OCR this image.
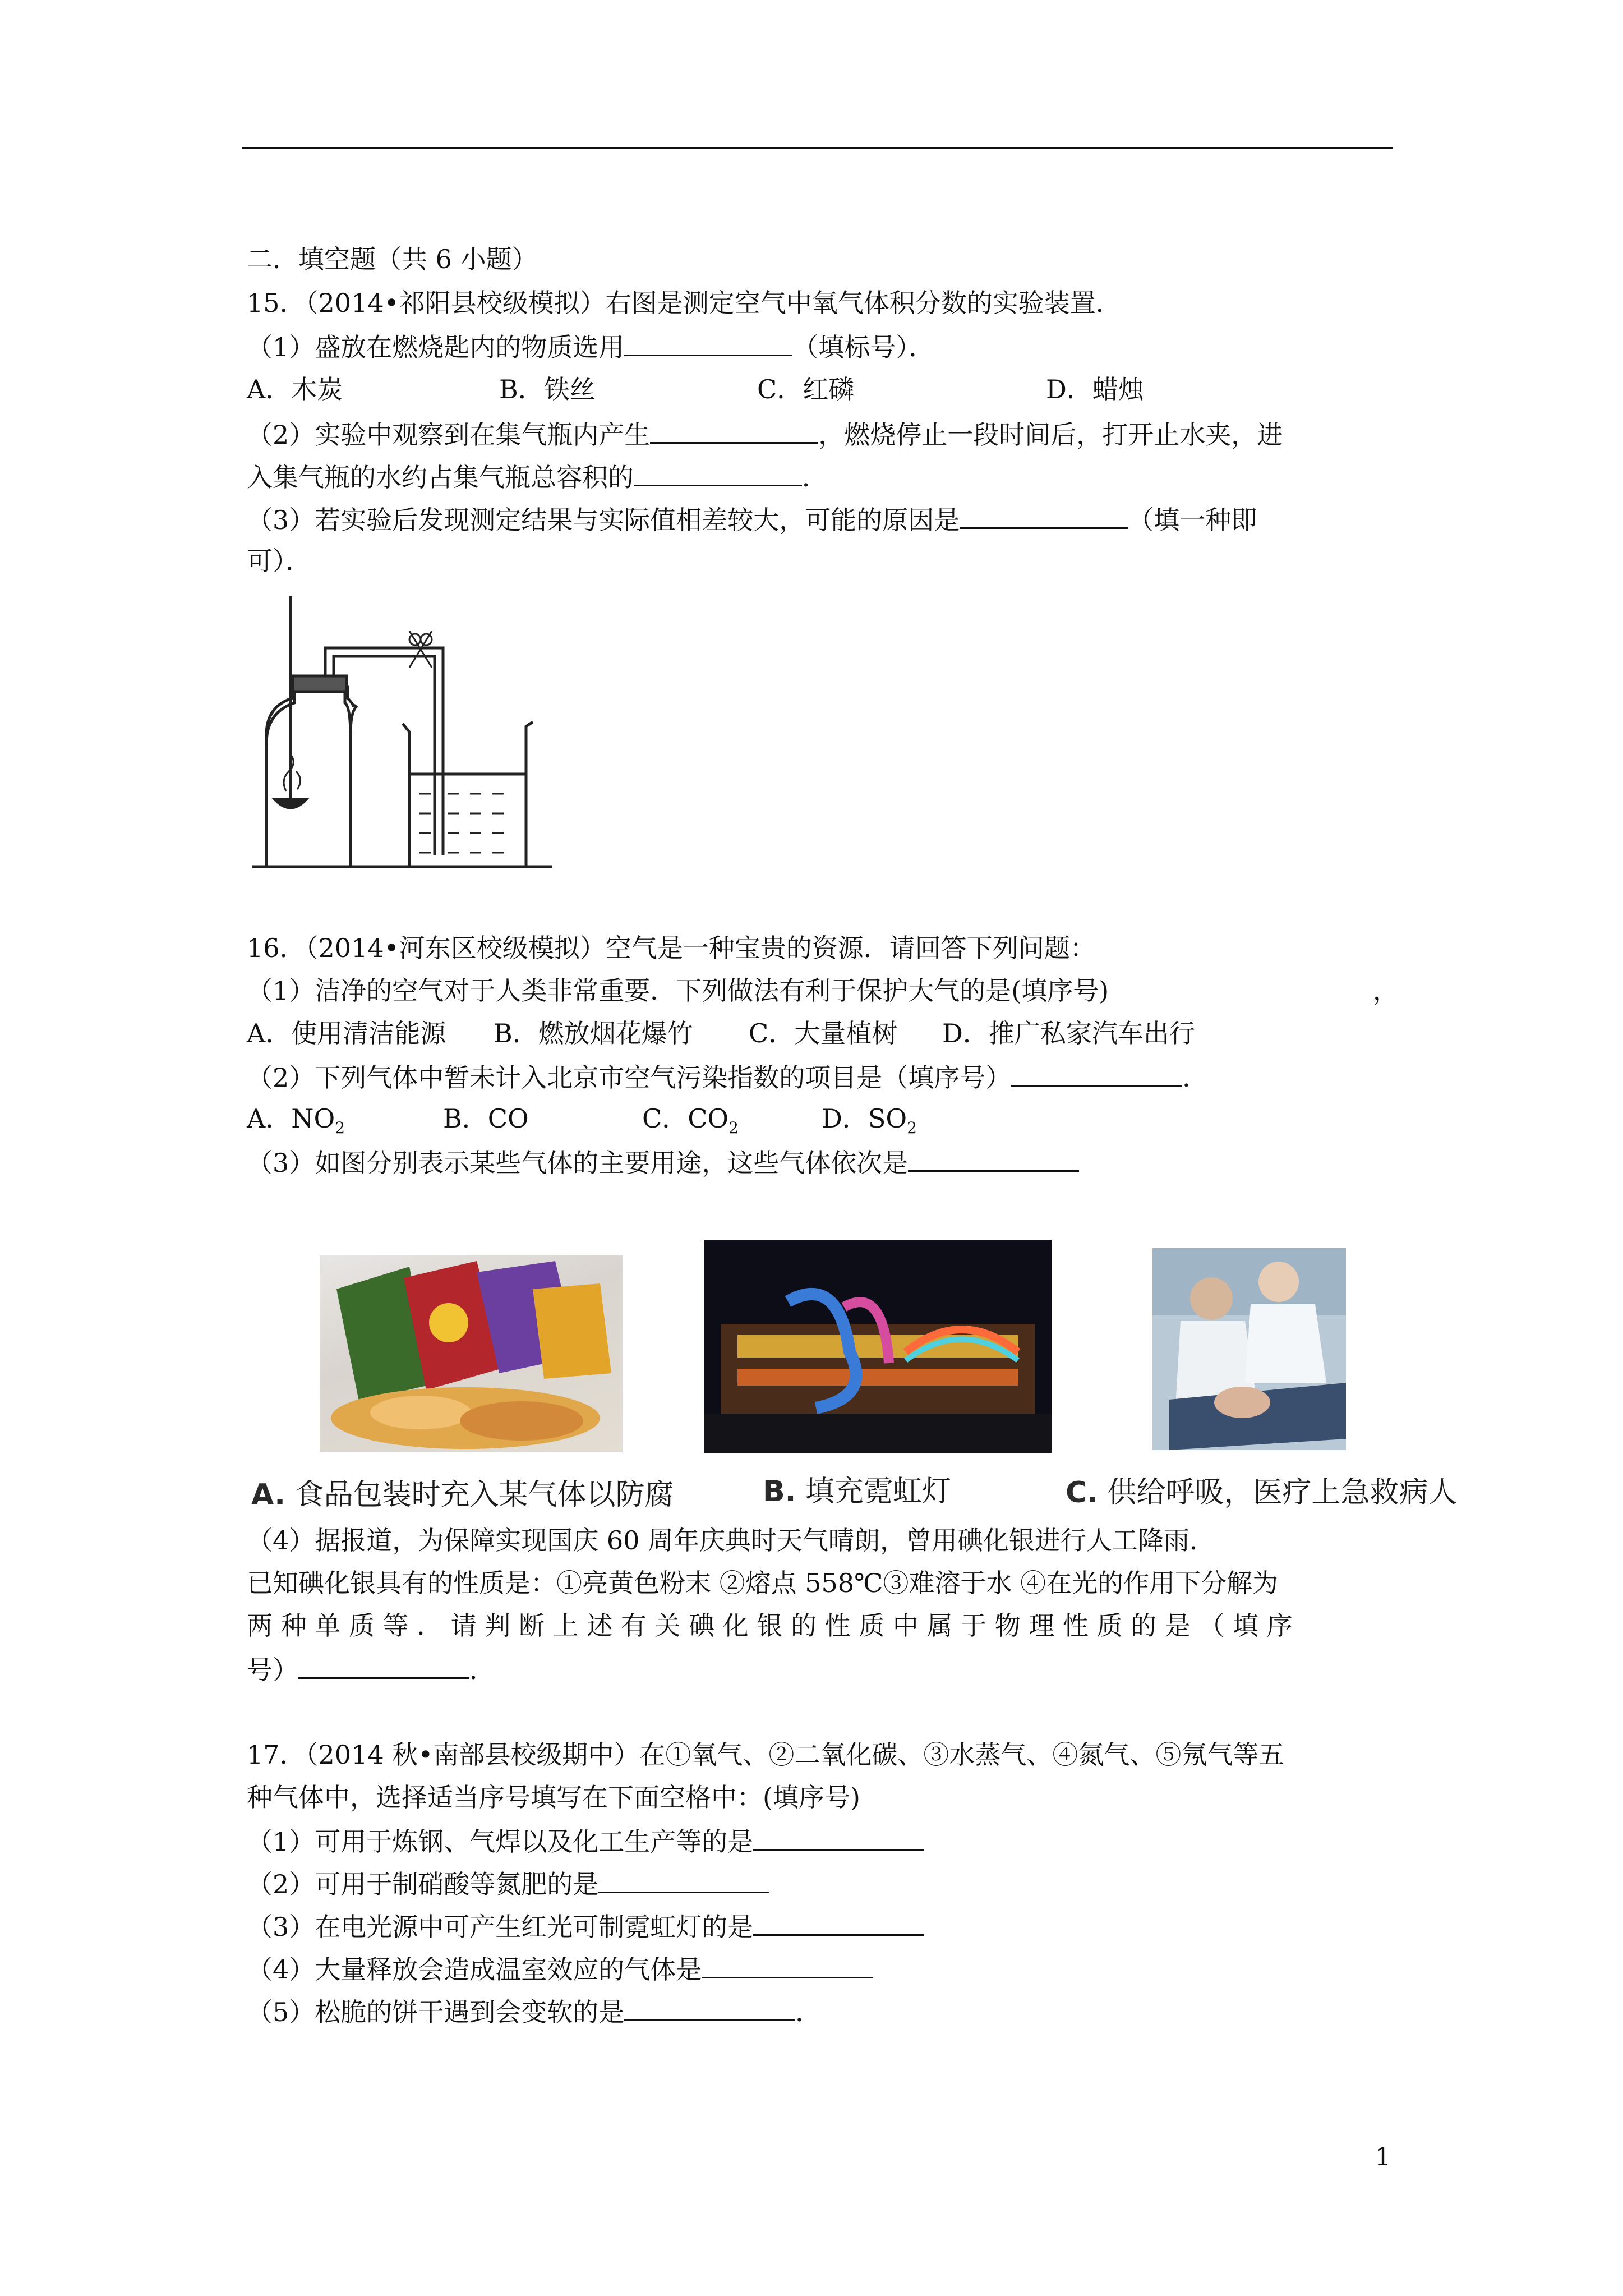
二．填空题（共 6 小题）
15．（2014•祁阳县校级模拟）右图是测定空气中氧气体积分数的实验装置．
（1）盛放在燃烧匙内的物质选用	（填标号）．
A．木炭	B．铁丝	C．红磷	D．蜡烛
（2）实验中观察到在集气瓶内产生	，燃烧停止一段时间后，打开止水夹，进
入集气瓶的水约占集气瓶总容积的	．
（3）若实验后发现测定结果与实际值相差较大，可能的原因是	（填一种即
可）．
16．（2014•河东区校级模拟）空气是一种宝贵的资源．请回答下列问题：
（1）洁净的空气对于人类非常重要．下列做法有利于保护大气的是(填序号)	，
A．使用清洁能源 B．燃放烟花爆竹 C．大量植树 D．推广私家汽车出行
（2）下列气体中暂未计入北京市空气污染指数的项目是（填序号）	．
A．$NO_2$	B．CO	C．$CO_2$	D．$SO_2$
（3）如图分别表示某些气体的主要用途，这些气体依次是
A. 食品包装时充入某气体以防腐	B. 填充霓虹灯	C. 供给呼吸，医疗上急救病人
（4）据报道，为保障实现国庆 60 周年庆典时天气晴朗，曾用碘化银进行人工降雨．
已知碘化银具有的性质是：①亮黄色粉末 ②熔点 558℃③难溶于水 ④在光的作用下分解为
两 种 单 质 等 ． 请 判 断 上 述 有 关 碘 化 银 的 性 质 中 属 于 物 理 性 质 的 是 （ 填 序
号）	．
17．（2014 秋•南部县校级期中）在①氧气、②二氧化碳、③水蒸气、④氮气、⑤氖气等五
种气体中，选择适当序号填写在下面空格中：(填序号)
（1）可用于炼钢、气焊以及化工生产等的是
（2）可用于制硝酸等氮肥的是
（3）在电光源中可产生红光可制霓虹灯的是
（4）大量释放会造成温室效应的气体是
（5）松脆的饼干遇到会变软的是	．
1
